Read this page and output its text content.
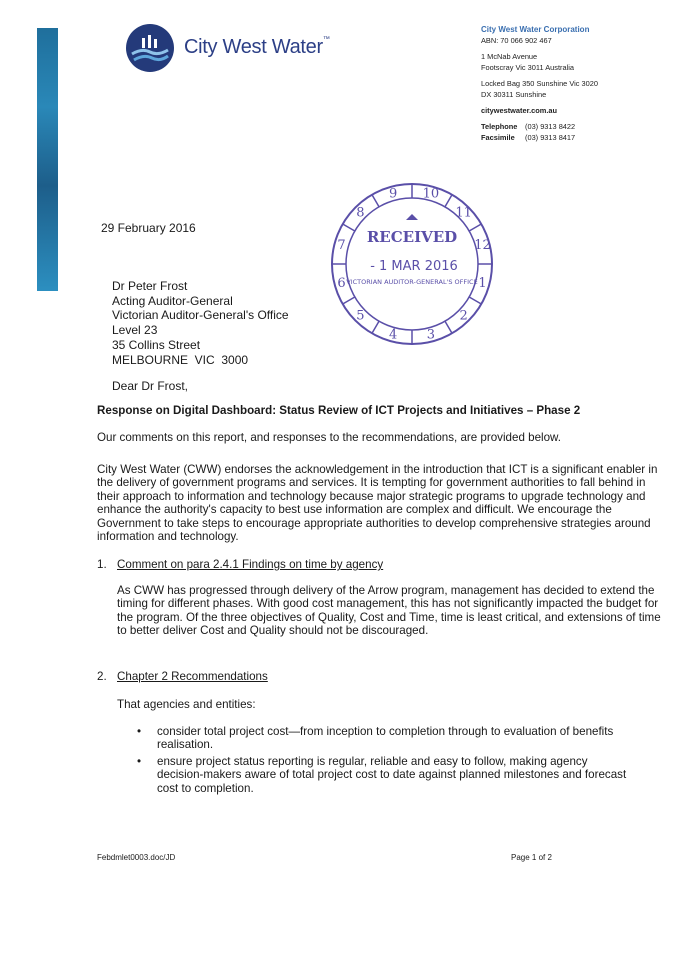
City West Water™
City West Water Corporation
ABN: 70 066 902 467
1 McNab Avenue
Footscray Vic 3011 Australia
Locked Bag 350 Sunshine Vic 3020
DX 30311 Sunshine
citywestwater.com.au
Telephone (03) 9313 8422
Facsimile (03) 9313 8417
9 10
11
12
1
2
3
4
5
6
7
8
RECEIVED
- 1 MAR 2016
VICTORIAN AUDITOR-GENERAL'S OFFICE
29 February 2016
Dr Peter Frost
Acting Auditor-General
Victorian Auditor-General's Office
Level 23
35 Collins Street
MELBOURNE  VIC  3000
Dear Dr Frost,
Response on Digital Dashboard: Status Review of ICT Projects and Initiatives – Phase 2
Our comments on this report, and responses to the recommendations, are provided below.
City West Water (CWW) endorses the acknowledgement in the introduction that ICT is a significant enabler in the delivery of government programs and services. It is tempting for government authorities to fall behind in their approach to information and technology because major strategic programs to upgrade technology and enhance the authority's capacity to best use information are complex and difficult. We encourage the Government to take steps to encourage appropriate authorities to develop comprehensive strategies around information and technology.
1. Comment on para 2.4.1 Findings on time by agency
As CWW has progressed through delivery of the Arrow program, management has decided to extend the timing for different phases. With good cost management, this has not significantly impacted the budget for the program. Of the three objectives of Quality, Cost and Time, time is least critical, and extensions of time to better deliver Cost and Quality should not be discouraged.
2. Chapter 2 Recommendations
That agencies and entities:
• consider total project cost—from inception to completion through to evaluation of benefits realisation.
• ensure project status reporting is regular, reliable and easy to follow, making agency decision-makers aware of total project cost to date against planned milestones and forecast cost to completion.
Febdmlet0003.doc/JD	Page 1 of 2
